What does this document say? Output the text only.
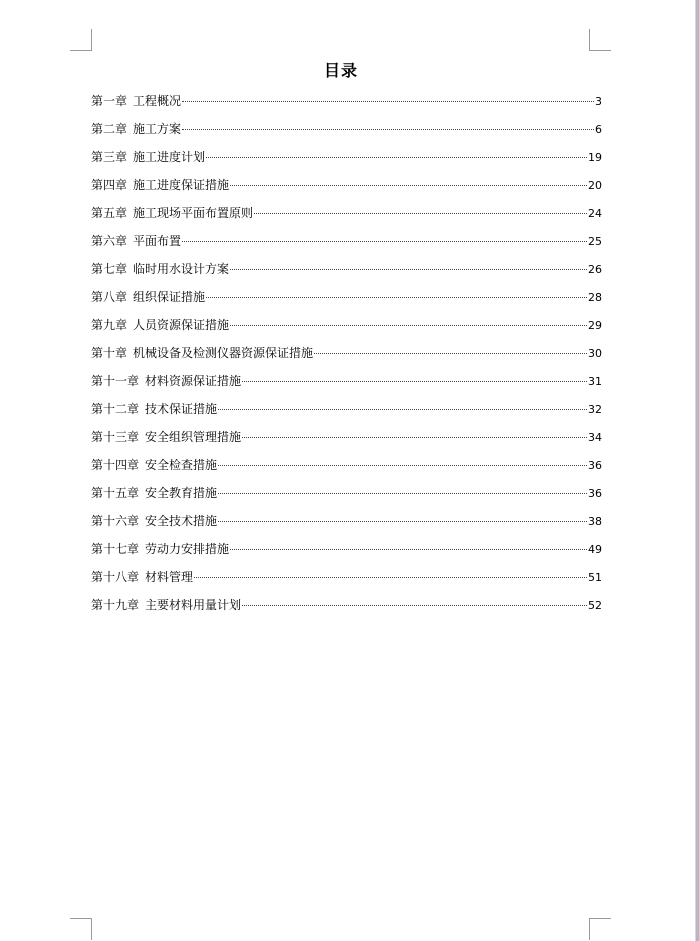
目录
第一章 工程概况	3
第二章 施工方案	6
第三章 施工进度计划	19
第四章 施工进度保证措施	20
第五章 施工现场平面布置原则	24
第六章 平面布置	25
第七章 临时用水设计方案	26
第八章 组织保证措施	28
第九章 人员资源保证措施	29
第十章 机械设备及检测仪器资源保证措施	30
第十一章 材料资源保证措施	31
第十二章 技术保证措施	32
第十三章 安全组织管理措施	34
第十四章 安全检查措施	36
第十五章 安全教育措施	36
第十六章 安全技术措施	38
第十七章 劳动力安排措施	49
第十八章 材料管理	51
第十九章 主要材料用量计划	52
